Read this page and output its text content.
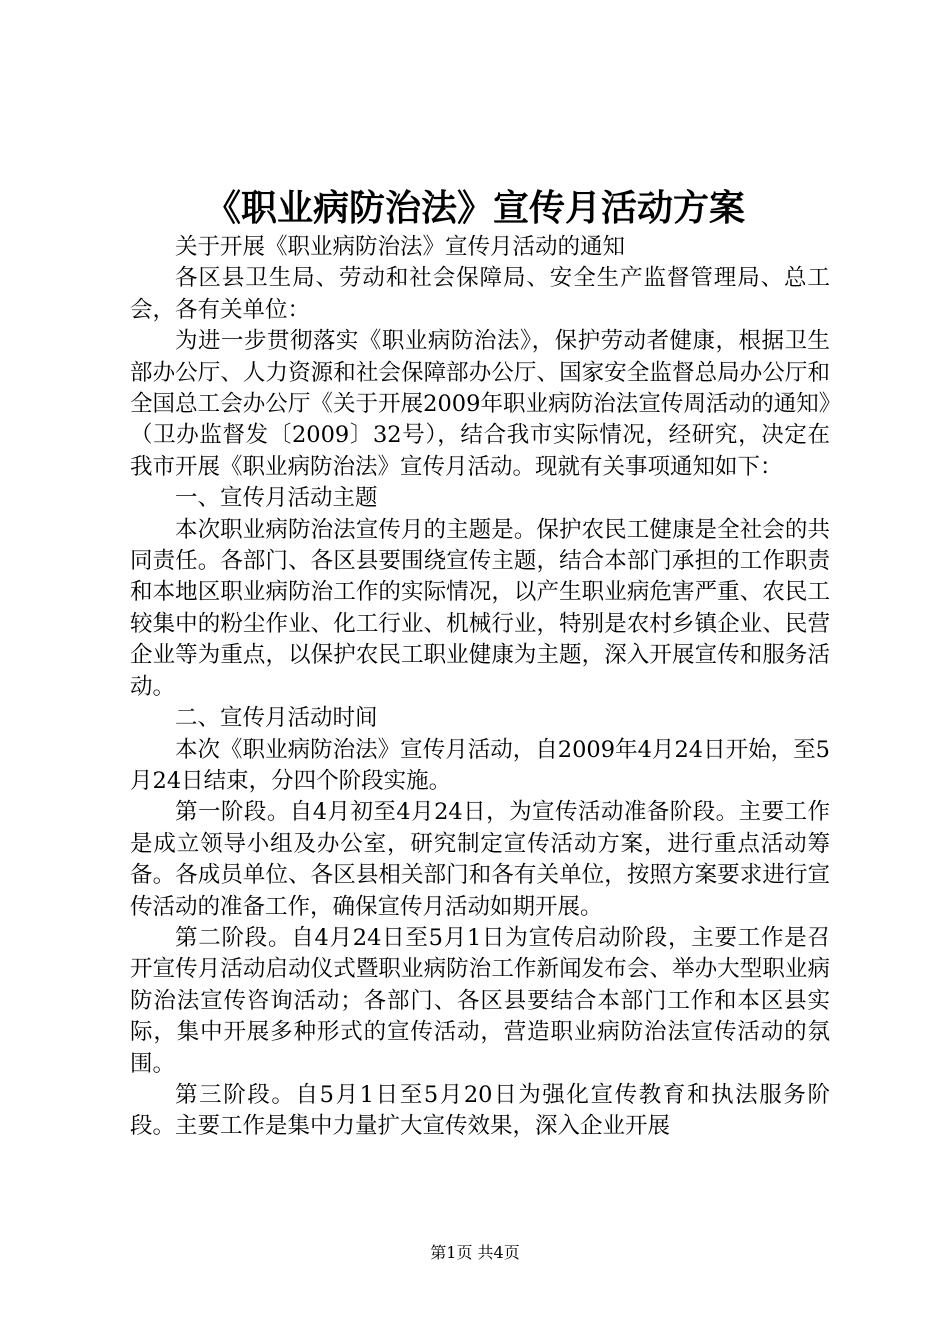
《职业病防治法》宣传月活动方案

关于开展《职业病防治法》宣传月活动的通知

各区县卫生局、劳动和社会保障局、安全生产监督管理局、总工会，各有关单位：

为进一步贯彻落实《职业病防治法》，保护劳动者健康，根据卫生部办公厅、人力资源和社会保障部办公厅、国家安全监督总局办公厅和全国总工会办公厅《关于开展2009年职业病防治法宣传周活动的通知》（卫办监督发〔2009〕32号），结合我市实际情况，经研究，决定在我市开展《职业病防治法》宣传月活动。现就有关事项通知如下：

一、宣传月活动主题

本次职业病防治法宣传月的主题是。保护农民工健康是全社会的共同责任。各部门、各区县要围绕宣传主题，结合本部门承担的工作职责和本地区职业病防治工作的实际情况，以产生职业病危害严重、农民工较集中的粉尘作业、化工行业、机械行业，特别是农村乡镇企业、民营企业等为重点，以保护农民工职业健康为主题，深入开展宣传和服务活动。

二、宣传月活动时间

本次《职业病防治法》宣传月活动，自2009年4月24日开始，至5月24日结束，分四个阶段实施。

第一阶段。自4月初至4月24日，为宣传活动准备阶段。主要工作是成立领导小组及办公室，研究制定宣传活动方案，进行重点活动筹备。各成员单位、各区县相关部门和各有关单位，按照方案要求进行宣传活动的准备工作，确保宣传月活动如期开展。

第二阶段。自4月24日至5月1日为宣传启动阶段，主要工作是召开宣传月活动启动仪式暨职业病防治工作新闻发布会、举办大型职业病防治法宣传咨询活动；各部门、各区县要结合本部门工作和本区县实际，集中开展多种形式的宣传活动，营造职业病防治法宣传活动的氛围。

第三阶段。自5月1日至5月20日为强化宣传教育和执法服务阶段。主要工作是集中力量扩大宣传效果，深入企业开展

第1页 共4页
